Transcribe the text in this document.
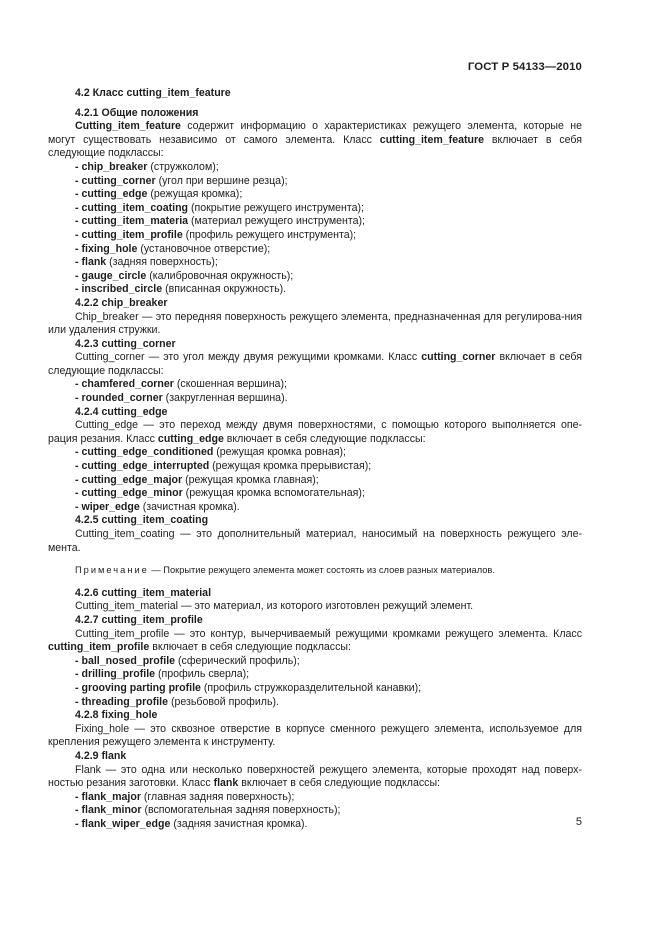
ГОСТ Р 54133—2010

4.2 Класс cutting_item_feature

4.2.1 Общие положения

Cutting_item_feature содержит информацию о характеристиках режущего элемента, которые не могут существовать независимо от самого элемента. Класс cutting_item_feature включает в себя следующие подклассы:

- chip_breaker (стружколом);

- cutting_corner (угол при вершине резца);

- cutting_edge (режущая кромка);

- cutting_item_coating (покрытие режущего инструмента);

- cutting_item_materia (материал режущего инструмента);

- cutting_item_profile (профиль режущего инструмента);

- fixing_hole (установочное отверстие);

- flank (задняя поверхность);

- gauge_circle (калибровочная окружность);

- inscribed_circle (вписанная окружность).

4.2.2 chip_breaker

Chip_breaker — это передняя поверхность режущего элемента, предназначенная для регулирова-ния или удаления стружки.

4.2.3 cutting_corner

Cutting_corner — это угол между двумя режущими кромками. Класс cutting_corner включает в себя следующие подклассы:

- chamfered_corner (скошенная вершина);

- rounded_corner (закругленная вершина).

4.2.4 cutting_edge

Cutting_edge — это переход между двумя поверхностями, с помощью которого выполняется опе-рация резания. Класс cutting_edge включает в себя следующие подклассы:

- cutting_edge_conditioned (режущая кромка ровная);

- cutting_edge_interrupted (режущая кромка прерывистая);

- cutting_edge_major (режущая кромка главная);

- cutting_edge_minor (режущая кромка вспомогательная);

- wiper_edge (зачистная кромка).

4.2.5 cutting_item_coating

Cutting_item_coating — это дополнительный материал, наносимый на поверхность режущего эле-мента.

Примечание — Покрытие режущего элемента может состоять из слоев разных материалов.

4.2.6 cutting_item_material

Cutting_item_material — это материал, из которого изготовлен режущий элемент.

4.2.7 cutting_item_profile

Cutting_item_profile — это контур, вычерчиваемый режущими кромками режущего элемента. Класс cutting_item_profile включает в себя следующие подклассы:

- ball_nosed_profile (сферический профиль);

- drilling_profile (профиль сверла);

- grooving parting profile (профиль стружкоразделительной канавки);

- threading_profile (резьбовой профиль).

4.2.8 fixing_hole

Fixing_hole — это сквозное отверстие в корпусе сменного режущего элемента, используемое для крепления режущего элемента к инструменту.

4.2.9 flank

Flank — это одна или несколько поверхностей режущего элемента, которые проходят над поверх-ностью резания заготовки. Класс flank включает в себя следующие подклассы:

- flank_major (главная задняя поверхность);

- flank_minor (вспомогательная задняя поверхность);

- flank_wiper_edge (задняя зачистная кромка).	5
